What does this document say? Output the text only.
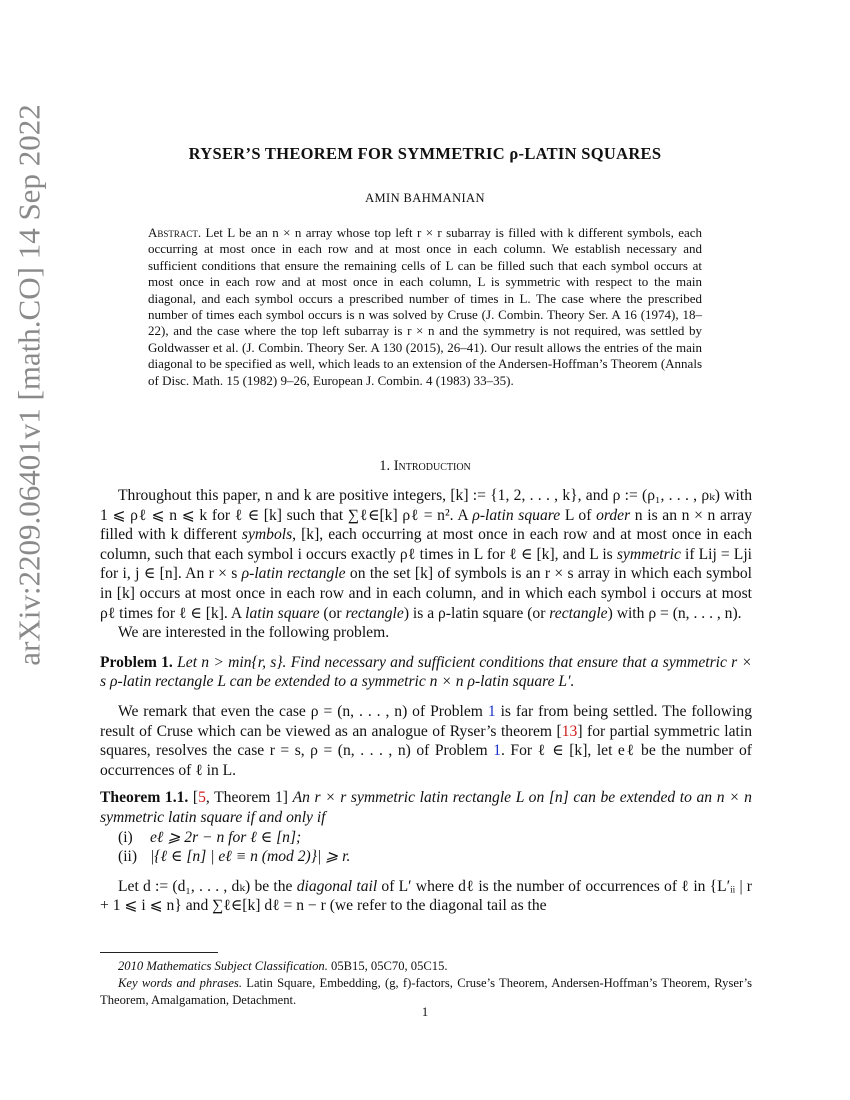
arXiv:2209.06401v1 [math.CO] 14 Sep 2022	RYSER’S THEOREM FOR SYMMETRIC ρ-LATIN SQUARES
AMIN BAHMANIAN

Abstract. Let L be an n × n array whose top left r × r subarray is filled with k different symbols, each occurring at most once in each row and at most once in each column. We establish necessary and sufficient conditions that ensure the remaining cells of L can be filled such that each symbol occurs at most once in each row and at most once in each column, L is symmetric with respect to the main diagonal, and each symbol occurs a prescribed number of times in L. The case where the prescribed number of times each symbol occurs is n was solved by Cruse (J. Combin. Theory Ser. A 16 (1974), 18–22), and the case where the top left subarray is r × n and the symmetry is not required, was settled by Goldwasser et al. (J. Combin. Theory Ser. A 130 (2015), 26–41). Our result allows the entries of the main diagonal to be specified as well, which leads to an extension of the Andersen-Hoffman’s Theorem (Annals of Disc. Math. 15 (1982) 9–26, European J. Combin. 4 (1983) 33–35).

1. Introduction

Throughout this paper, n and k are positive integers, [k] := {1, 2, . . . , k}, and ρ := (ρ₁, . . . , ρₖ) with 1 ⩽ ρℓ ⩽ n ⩽ k for ℓ ∈ [k] such that ∑ℓ∈[k] ρℓ = n². A ρ-latin square L of order n is an n × n array filled with k different symbols, [k], each occurring at most once in each row and at most once in each column, such that each symbol i occurs exactly ρℓ times in L for ℓ ∈ [k], and L is symmetric if Lij = Lji for i, j ∈ [n]. An r × s ρ-latin rectangle on the set [k] of symbols is an r × s array in which each symbol in [k] occurs at most once in each row and in each column, and in which each symbol i occurs at most ρℓ times for ℓ ∈ [k]. A latin square (or rectangle) is a ρ-latin square (or rectangle) with ρ = (n, . . . , n).

We are interested in the following problem.

Problem 1. Let n > min{r, s}. Find necessary and sufficient conditions that ensure that a symmetric r × s ρ-latin rectangle L can be extended to a symmetric n × n ρ-latin square L′.

We remark that even the case ρ = (n, . . . , n) of Problem 1 is far from being settled. The following result of Cruse which can be viewed as an analogue of Ryser’s theorem [13] for partial symmetric latin squares, resolves the case r = s, ρ = (n, . . . , n) of Problem 1. For ℓ ∈ [k], let eℓ be the number of occurrences of ℓ in L.

Theorem 1.1. [5, Theorem 1] An r × r symmetric latin rectangle L on [n] can be extended to an n × n symmetric latin square if and only if

(i) eℓ ⩾ 2r − n for ℓ ∈ [n];
(ii) |{ℓ ∈ [n] | eℓ ≡ n (mod 2)}| ⩾ r.

Let d := (d₁, . . . , dₖ) be the diagonal tail of L′ where dℓ is the number of occurrences of ℓ in {L′ᵢᵢ | r + 1 ⩽ i ⩽ n} and ∑ℓ∈[k] dℓ = n − r (we refer to the diagonal tail as the

2010 Mathematics Subject Classification. 05B15, 05C70, 05C15.

Key words and phrases. Latin Square, Embedding, (g, f)-factors, Cruse’s Theorem, Andersen-Hoffman’s Theorem, Ryser’s Theorem, Amalgamation, Detachment.

1
